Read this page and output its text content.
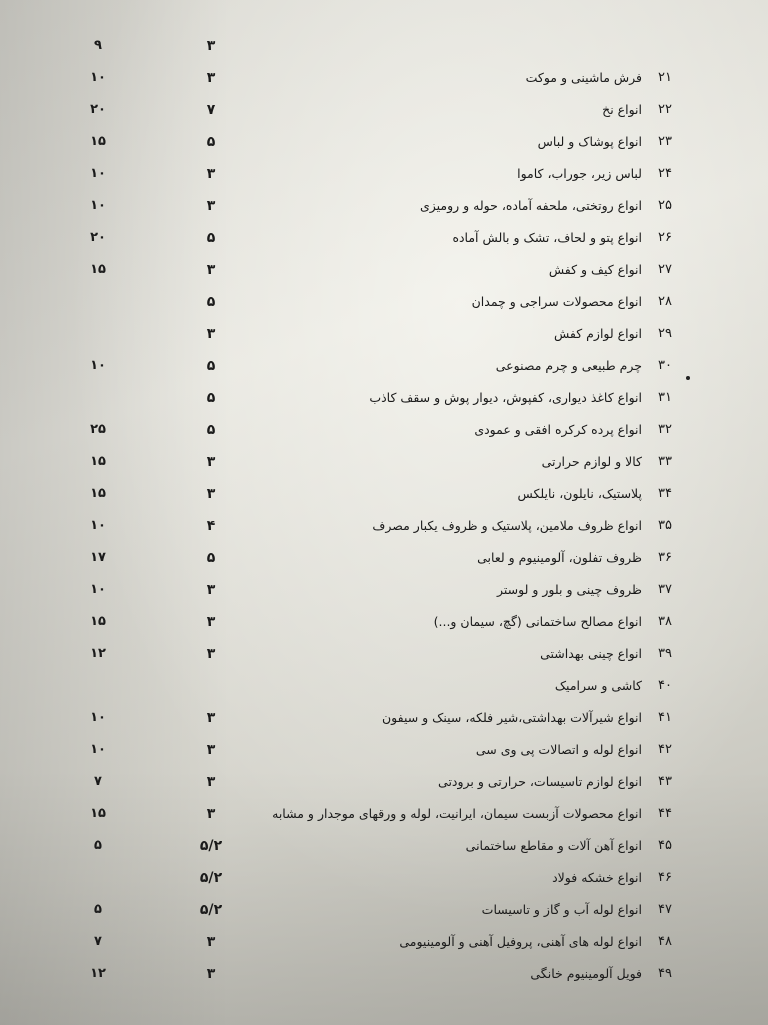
٣
٩
٢١
فرش ماشینی و موکت
٣
١٠
٢٢
انواع نخ
٧
٢٠
٢٣
انواع پوشاک و لباس
۵
١۵
٢۴
لباس زیر، جوراب، کاموا
٣
١٠
٢۵
انواع روتختی، ملحفه آماده، حوله و رومیزی
٣
١٠
٢۶
انواع پتو و لحاف، تشک و بالش آماده
۵
٢٠
٢٧
انواع کیف و کفش
٣
١۵
٢٨
انواع محصولات سراجی و چمدان
۵
٢٩
انواع لوازم کفش
٣
٣٠
چرم طبیعی و چرم مصنوعی
۵
١٠
٣١
انواع کاغذ دیواری، کفپوش، دیوار پوش و سقف کاذب
۵
٣٢
انواع پرده کرکره افقی و عمودی
۵
٢۵
٣٣
کالا و لوازم حرارتی
٣
١۵
٣۴
پلاستیک، نایلون، نایلکس
٣
١۵
٣۵
انواع ظروف ملامین، پلاستیک و ظروف یکبار مصرف
۴
١٠
٣۶
ظروف تفلون، آلومینیوم و لعابی
۵
١٧
٣٧
ظروف چینی و بلور و لوستر
٣
١٠
٣٨
انواع مصالح ساختمانی (گچ، سیمان و...)
٣
١۵
٣٩
انواع چینی بهداشتی
٣
١٢
۴٠
کاشی و سرامیک
۴١
انواع شیرآلات بهداشتی،شیر فلکه، سینک و سیفون
٣
١٠
۴٢
انواع لوله و اتصالات پی وی سی
٣
١٠
۴٣
انواع لوازم تاسیسات، حرارتی و برودتی
٣
٧
۴۴
انواع محصولات آزبست سیمان، ایرانیت، لوله و ورقهای موجدار و مشابه
٣
١۵
۴۵
انواع آهن آلات و مقاطع ساختمانی
۵/٢
۵
۴۶
انواع خشکه فولاد
۵/٢
۴٧
انواع لوله آب و گاز و تاسیسات
۵/٢
۵
۴٨
انواع لوله های آهنی، پروفیل آهنی و آلومینیومی
٣
٧
۴٩
فویل آلومینیوم خانگی
٣
١٢
